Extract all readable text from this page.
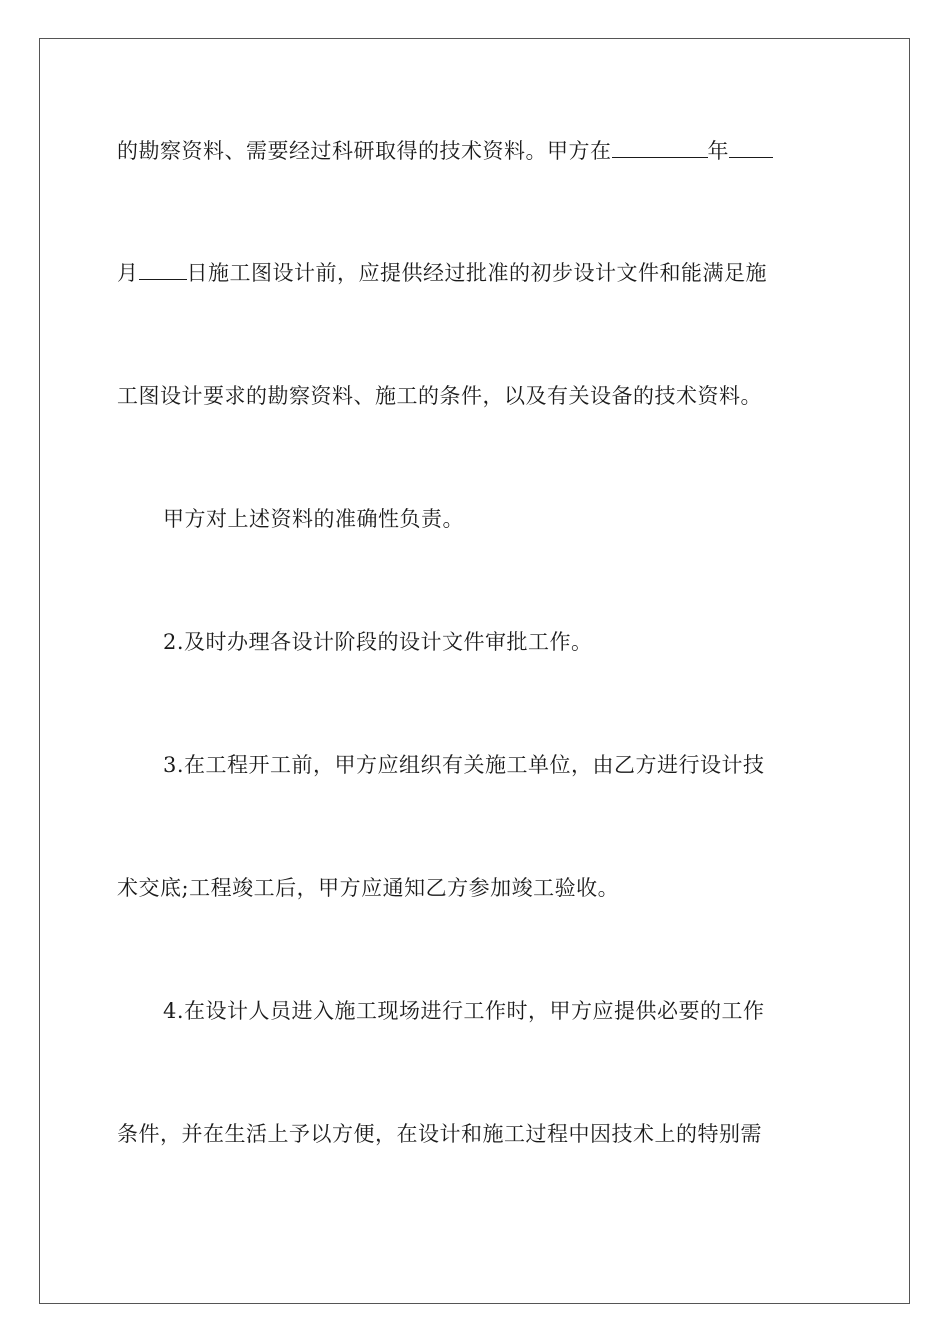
的勘察资料、需要经过科研取得的技术资料。甲方在	年
月 日施工图设计前，应提供经过批准的初步设计文件和能满足施
工图设计要求的勘察资料、施工的条件，以及有关设备的技术资料。
甲方对上述资料的准确性负责。
2.及时办理各设计阶段的设计文件审批工作。
3.在工程开工前，甲方应组织有关施工单位，由乙方进行设计技
术交底;工程竣工后，甲方应通知乙方参加竣工验收。
4.在设计人员进入施工现场进行工作时，甲方应提供必要的工作
条件，并在生活上予以方便，在设计和施工过程中因技术上的特别需
